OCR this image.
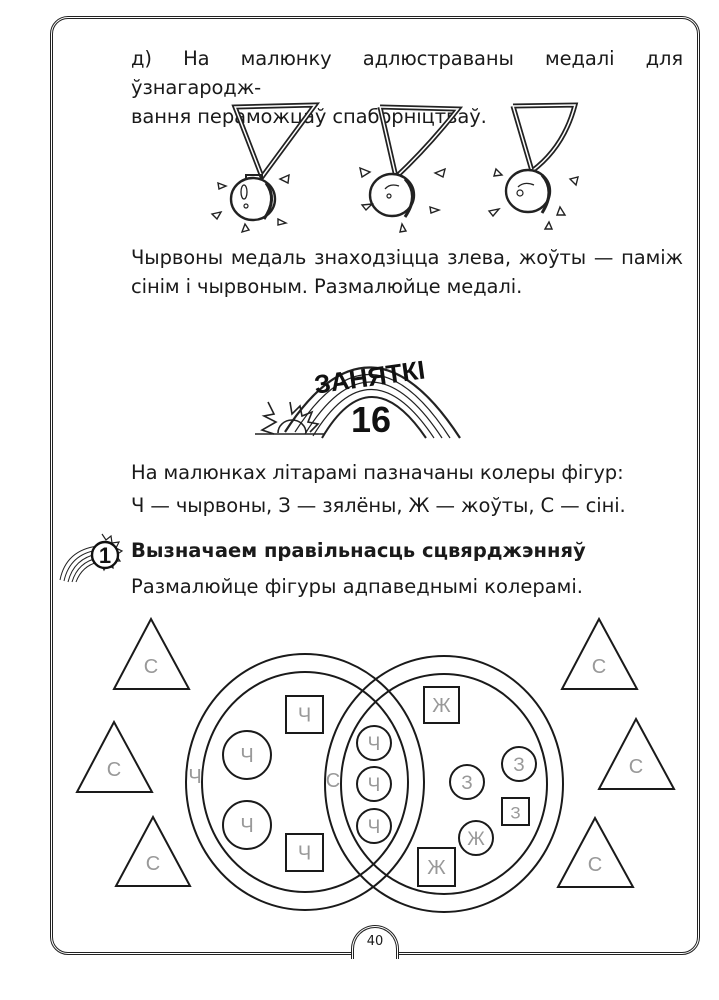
д) На малюнку адлюстраваны медалі для ўзнагародж-
вання пераможцаў спаборніцтваў.
Чырвоны медаль знаходзіцца злева, жоўты — паміж
сінім і чырвоным. Размалюйце медалі.
ЗАНЯТКІ
16
На малюнках літарамі пазначаны колеры фігур:
Ч — чырвоны, З — зялёны, Ж — жоўты, С — сіні.
1 Вызначаем правільнасць сцвярджэнняў
Размалюйце фігуры адпаведнымі колерамі.
Ч	С
С
С
С
С
С
С
Ч
Ч
Ч
Ч
Ч
Ч
Ч
Ж
З
Ж
З
З
Ж
40
